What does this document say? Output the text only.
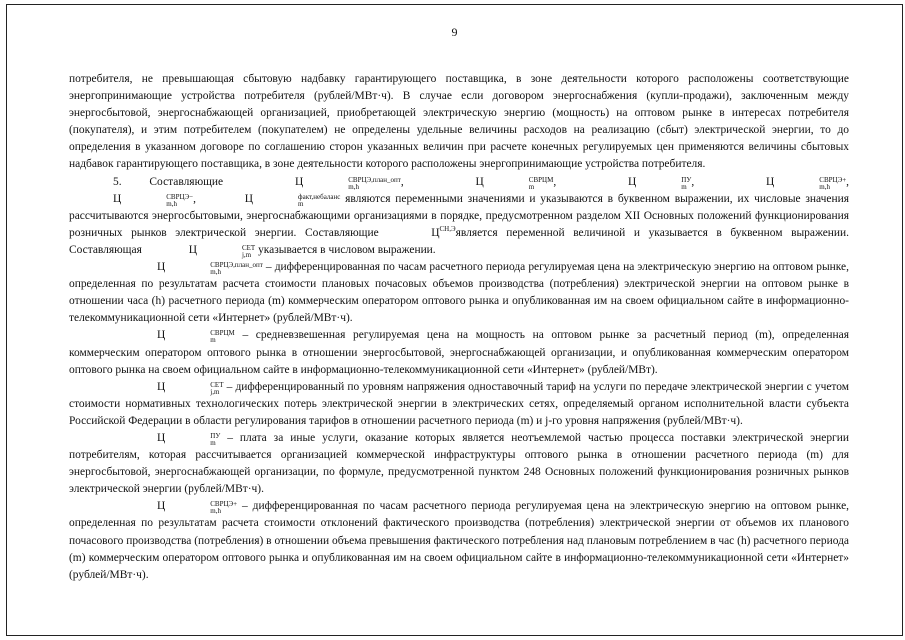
9

потребителя, не превышающая сбытовую надбавку гарантирующего поставщика, в зоне деятельности которого расположены соответствующие энергопринимающие устройства потребителя (рублей/МВт·ч). В случае если договором энергоснабжения (купли-продажи), заключенным между энергосбытовой, энергоснабжающей организацией, приобретающей электрическую энергию (мощность) на оптовом рынке в интересах потребителя (покупателя), и этим потребителем (покупателем) не определены удельные величины расходов на реализацию (сбыт) электрической энергии, то до определения в указанном договоре по соглашению сторон указанных величин при расчете конечных регулируемых цен применяются величины сбытовых надбавок гарантирующего поставщика, в зоне деятельности которого расположены энергопринимающие устройства потребителя.

5. Составляющие	Ц	СВРЦЭ,план_опт
m,h	,	Ц	СВРЦМ
m	,	Ц	ПУ
m ,	Ц	СВРЦЭ+
m,h	, Ц	СВРЦЭ−
m,h	,	Ц	факт,небаланс
m	являются переменными значениями и указываются в буквенном выражении, их числовые значения рассчитываются энергосбытовыми, энергоснабжающими организациями в порядке, предусмотренном разделом XII Основных положений функционирования розничных рынков электрической энергии. Составляющие	$Ц^{СН,Э}является$ переменной величиной и указывается в буквенном выражении. Составляющая	Ц	СЕТ
j,m указывается в числовом выражении.

Ц	СВРЦЭ,план_опт
m,h	– дифференцированная по часам расчетного периода регулируемая цена на электрическую энергию на оптовом рынке, определенная по результатам расчета стоимости плановых почасовых объемов производства (потребления) электрической энергии на оптовом рынке в отношении часа (h) расчетного периода (m) коммерческим оператором оптового рынка и опубликованная им на своем официальном сайте в информационно-телекоммуникационной сети «Интернет» (рублей/МВт·ч).

Ц	СВРЦМ
m	– средневзвешенная регулируемая цена на мощность на оптовом рынке за расчетный период (m), определенная коммерческим оператором оптового рынка в отношении энергосбытовой, энергоснабжающей организации, и опубликованная коммерческим оператором оптового рынка на своем официальном сайте в информационно-телекоммуникационной сети «Интернет» (рублей/МВт).

Ц	СЕТ
j,m – дифференцированный по уровням напряжения одноставочный тариф на услуги по передаче электрической энергии с учетом стоимости нормативных технологических потерь электрической энергии в электрических сетях, определяемый органом исполнительной власти субъекта Российской Федерации в области регулирования тарифов в отношении расчетного периода (m) и j-го уровня напряжения (рублей/МВт·ч).

Ц	ПУ
m	– плата за иные услуги, оказание которых является неотъемлемой частью процесса поставки электрической энергии потребителям, которая рассчитывается организацией коммерческой инфраструктуры оптового рынка в отношении расчетного периода (m) для энергосбытовой, энергоснабжающей организации, по формуле, предусмотренной пунктом 248 Основных положений функционирования розничных рынков электрической энергии (рублей/МВт·ч).

Ц	СВРЦЭ+
m,h	– дифференцированная по часам расчетного периода регулируемая цена на электрическую энергию на оптовом рынке, определенная по результатам расчета стоимости отклонений фактического производства (потребления) электрической энергии от объемов их планового почасового производства (потребления) в отношении объема превышения фактического потребления над плановым потреблением в час (h) расчетного периода (m) коммерческим оператором оптового рынка и опубликованная им на своем официальном сайте в информационно-телекоммуникационной сети «Интернет» (рублей/МВт·ч).
